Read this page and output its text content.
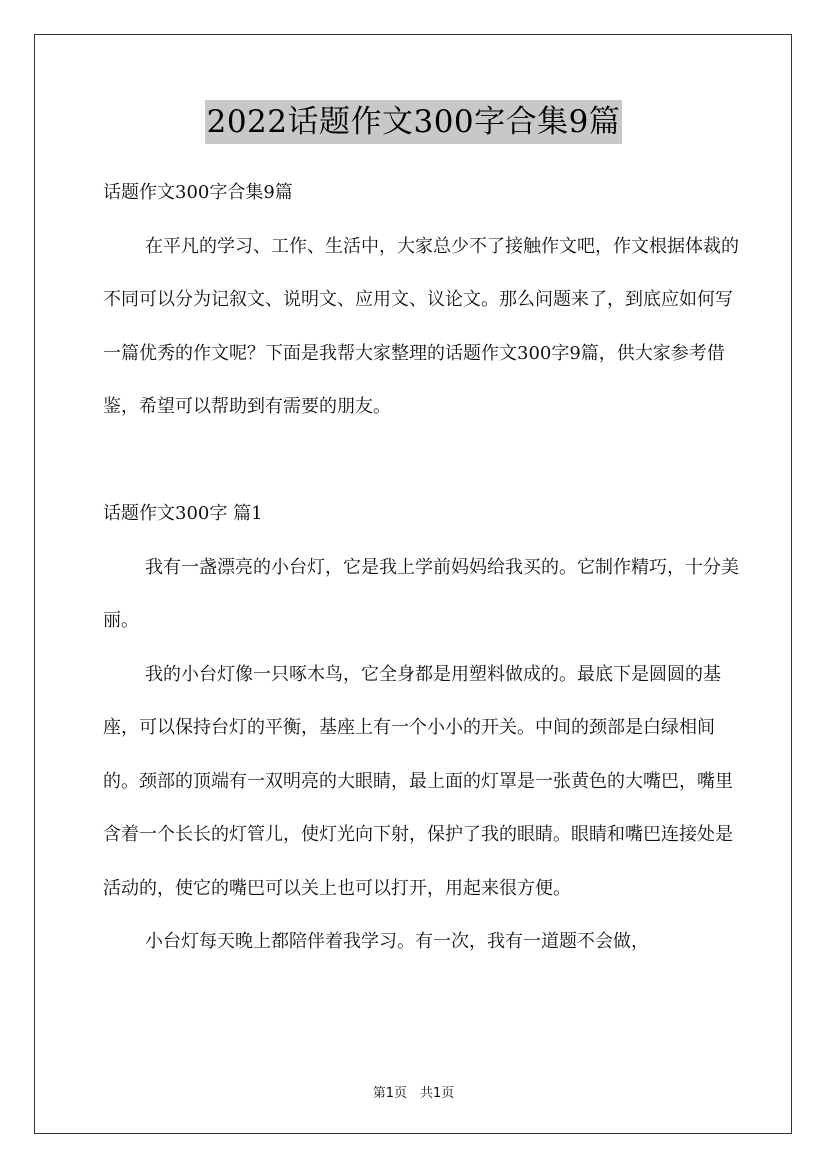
2022话题作文300字合集9篇

话题作文300字合集9篇

在平凡的学习、工作、生活中，大家总少不了接触作文吧，作文根据体裁的不同可以分为记叙文、说明文、应用文、议论文。那么问题来了，到底应如何写一篇优秀的作文呢？下面是我帮大家整理的话题作文300字9篇，供大家参考借鉴，希望可以帮助到有需要的朋友。

话题作文300字 篇1

我有一盏漂亮的小台灯，它是我上学前妈妈给我买的。它制作精巧，十分美丽。

我的小台灯像一只啄木鸟，它全身都是用塑料做成的。最底下是圆圆的基座，可以保持台灯的平衡，基座上有一个小小的开关。中间的颈部是白绿相间的。颈部的顶端有一双明亮的大眼睛，最上面的灯罩是一张黄色的大嘴巴，嘴里含着一个长长的灯管儿，使灯光向下射，保护了我的眼睛。眼睛和嘴巴连接处是活动的，使它的嘴巴可以关上也可以打开，用起来很方便。

小台灯每天晚上都陪伴着我学习。有一次，我有一道题不会做，

第1页　共1页
